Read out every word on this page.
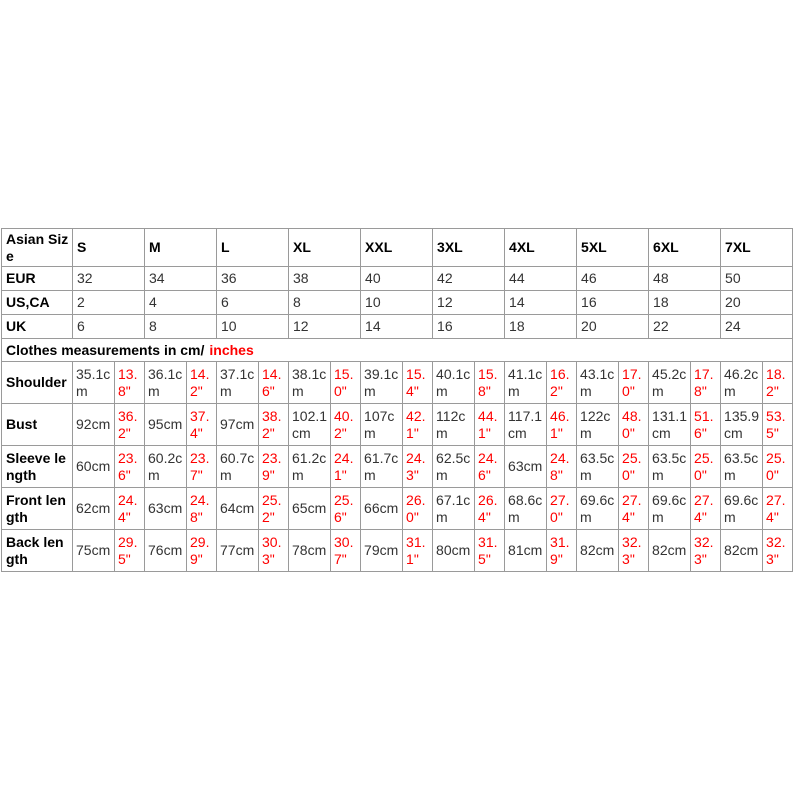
Asian Size	S		M		L		XL		XXL		3XL		4XL		5XL		6XL		7XL	
EUR	32		34		36		38		40		42		44		46		48		50	
US,CA	2		4		6		8		10		12		14		16		18		20	
UK	6		8		10		12		14		16		18		20		22		24	
Clothes measurements in cm/ inches																				
Shoulder	35.1cm	13.8"	36.1cm	14.2"	37.1cm	14.6"	38.1cm	15.0"	39.1cm	15.4"	40.1cm	15.8"	41.1cm	16.2"	43.1cm	17.0"	45.2cm	17.8"	46.2cm	18.2"
Bust	92cm	36.2"	95cm	37.4"	97cm	38.2"	102.1cm	40.2"	107cm	42.1"	112cm	44.1"	117.1cm	46.1"	122cm	48.0"	131.1cm	51.6"	135.9cm	53.5"
Sleeve length	60cm	23.6"	60.2cm	23.7"	60.7cm	23.9"	61.2cm	24.1"	61.7cm	24.3"	62.5cm	24.6"	63cm	24.8"	63.5cm	25.0"	63.5cm	25.0"	63.5cm	25.0"
Front length	62cm	24.4"	63cm	24.8"	64cm	25.2"	65cm	25.6"	66cm	26.0"	67.1cm	26.4"	68.6cm	27.0"	69.6cm	27.4"	69.6cm	27.4"	69.6cm	27.4"
Back length	75cm	29.5"	76cm	29.9"	77cm	30.3"	78cm	30.7"	79cm	31.1"	80cm	31.5"	81cm	31.9"	82cm	32.3"	82cm	32.3"	82cm	32.3"
